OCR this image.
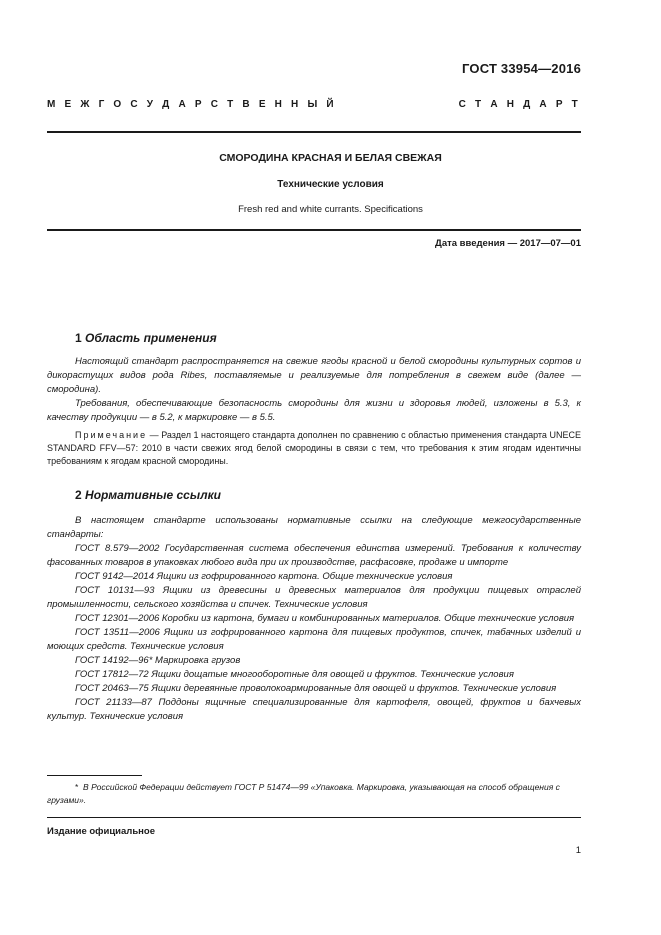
ГОСТ 33954—2016
М Е Ж Г О С У Д А Р С Т В Е Н Н Ы Й	С Т А Н Д А Р Т
СМОРОДИНА КРАСНАЯ И БЕЛАЯ СВЕЖАЯ
Технические условия
Fresh red and white currants. Specifications
Дата введения — 2017—07—01
1 Область применения

Настоящий стандарт распространяется на свежие ягоды красной и белой смородины культурных сортов и дикорастущих видов рода Ribes, поставляемые и реализуемые для потребления в свежем виде (далее — смородина).

Требования, обеспечивающие безопасность смородины для жизни и здоровья людей, изложены в 5.3, к качеству продукции — в 5.2, к маркировке — в 5.5.

Примечание — Раздел 1 настоящего стандарта дополнен по сравнению с областью применения стандарта UNECE STANDARD FFV—57: 2010 в части свежих ягод белой смородины в связи с тем, что требования к этим ягодам идентичны требованиям к ягодам красной смородины.

2 Нормативные ссылки

В настоящем стандарте использованы нормативные ссылки на следующие межгосударственные стандарты:

ГОСТ 8.579—2002 Государственная система обеспечения единства измерений. Требования к количеству фасованных товаров в упаковках любого вида при их производстве, расфасовке, продаже и импорте

ГОСТ 9142—2014 Ящики из гофрированного картона. Общие технические условия

ГОСТ 10131—93 Ящики из древесины и древесных материалов для продукции пищевых отраслей промышленности, сельского хозяйства и спичек. Технические условия

ГОСТ 12301—2006 Коробки из картона, бумаги и комбинированных материалов. Общие технические условия

ГОСТ 13511—2006 Ящики из гофрированного картона для пищевых продуктов, спичек, табачных изделий и моющих средств. Технические условия

ГОСТ 14192—96* Маркировка грузов

ГОСТ 17812—72 Ящики дощатые многооборотные для овощей и фруктов. Технические условия

ГОСТ 20463—75 Ящики деревянные проволокоармированные для овощей и фруктов. Технические условия

ГОСТ 21133—87 Поддоны ящичные специализированные для картофеля, овощей, фруктов и бахчевых культур. Технические условия

* В Российской Федерации действует ГОСТ Р 51474—99 «Упаковка. Маркировка, указывающая на способ обращения с грузами».

Издание официальное
1
